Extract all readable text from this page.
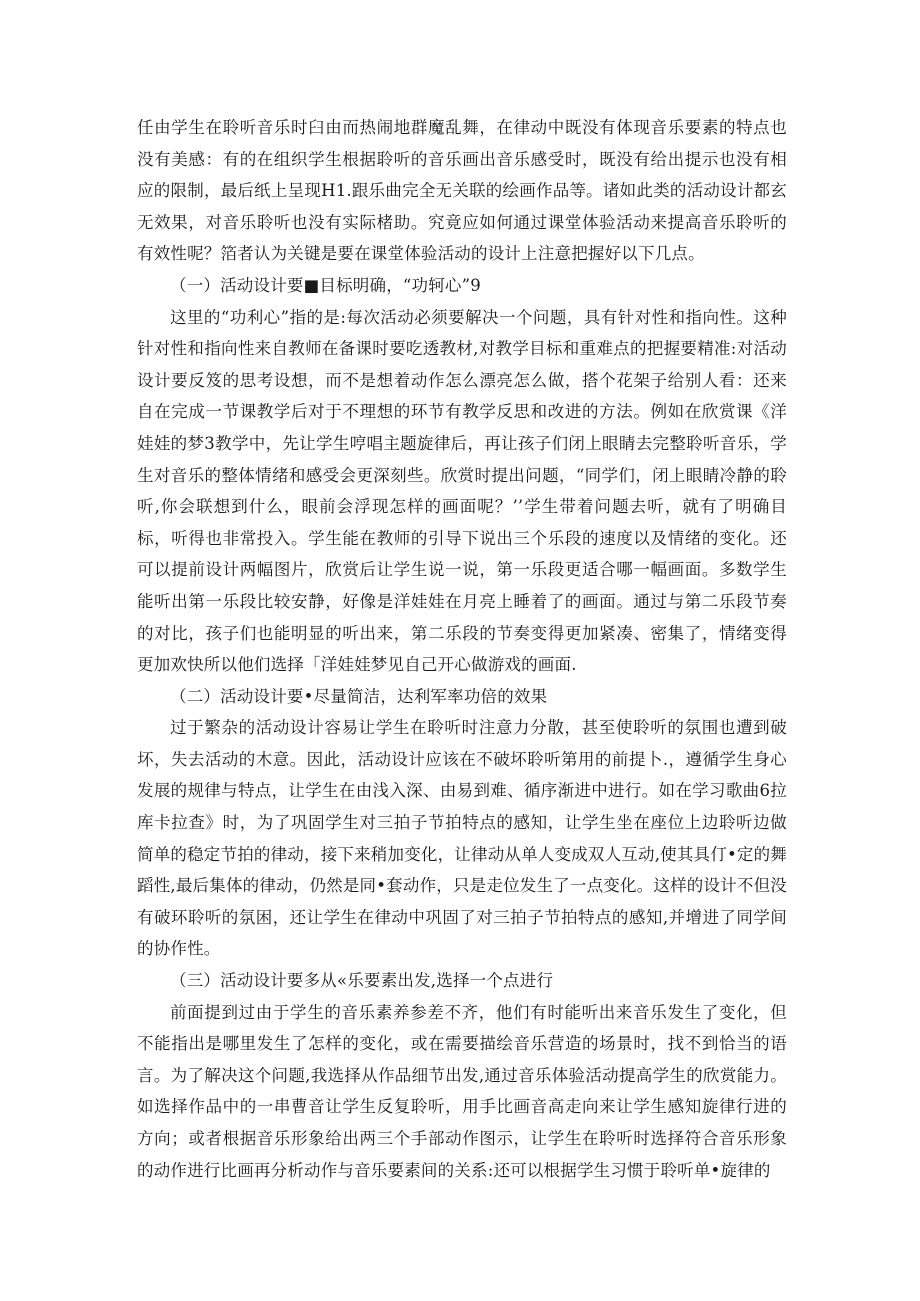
任由学生在聆听音乐时臼由而热闹地群魔乱舞，在律动中既没有体现音乐要素的特点也没有美感：有的在组织学生根据聆听的音乐画出音乐感受时，既没有给出提示也没有相应的限制，最后纸上呈现H1.跟乐曲完全无关联的绘画作品等。诸如此类的活动设计都玄无效果，对音乐聆听也没有实际楮助。究竟应如何通过课堂体验活动来提高音乐聆听的有效性呢？箔者认为关键是要在课堂体验活动的设计上注意把握好以下几点。

（一）活动设计要■目标明确，“功轲心”9

这里的“功利心”指的是:每次活动必须要解决一个问题，具有针对性和指向性。这种针对性和指向性来自教师在备课时要吃透教材,对教学目标和重难点的把握要精准:对活动设计要反笈的思考设想，而不是想着动作怎么漂亮怎么做，搭个花架子给别人看：还来自在完成一节课教学后对于不理想的环节有教学反思和改进的方法。例如在欣赏课《洋娃娃的梦3教学中，先让学生哼唱主题旋律后，再让孩子们闭上眼睛去完整聆听音乐，学生对音乐的整体情绪和感受会更深刻些。欣赏时提出问题，“同学们，闭上眼睛冷静的聆听,你会联想到什么，眼前会浮现怎样的画面呢？’’学生带着问题去听，就有了明确目标，听得也非常投入。学生能在教师的引导下说出三个乐段的速度以及情绪的变化。还可以提前设计两幅图片，欣赏后让学生说一说，第一乐段更适合哪一幅画面。多数学生能听出第一乐段比较安静，好像是洋娃娃在月亮上睡着了的画面。通过与第二乐段节奏的对比，孩子们也能明显的听出来，第二乐段的节奏变得更加紧凑、密集了，情绪变得更加欢快所以他们选择「洋娃娃梦见自己开心做游戏的画面.

（二）活动设计要•尽量简洁，达利军率功倍的效果

过于繁杂的活动设计容易让学生在聆听时注意力分散，甚至使聆听的氛围也遭到破坏，失去活动的木意。因此，活动设计应该在不破坏聆听第用的前提卜.，遵循学生身心发展的规律与特点，让学生在由浅入深、由易到难、循序渐进中进行。如在学习歌曲6拉库卡拉查》时，为了巩固学生对三拍子节拍特点的感知，让学生坐在座位上边聆听边做简单的稳定节拍的律动，接下来稍加变化，让律动从单人变成双人互动,使其具仃•定的舞蹈性,最后集体的律动，仍然是同•套动作，只是走位发生了一点变化。这样的设计不但没有破环聆听的氛困，还让学生在律动中巩固了对三拍子节拍特点的感知,并增进了同学间的协作性。

（三）活动设计要多从«乐要素出发,选择一个点进行

前面提到过由于学生的音乐素养参差不齐，他们有时能听出来音乐发生了变化，但不能指出是哪里发生了怎样的变化，或在需要描绘音乐营造的场景时，找不到恰当的语言。为了解决这个问题,我选择从作品细节出发,通过音乐体验活动提高学生的欣赏能力。如选择作品中的一串曹音让学生反复聆听，用手比画音高走向来让学生感知旋律行进的方向；或者根据音乐形象给出两三个手部动作图示，让学生在聆听时选择符合音乐形象的动作进行比画再分析动作与音乐要素间的关系:还可以根据学生习惯于聆听单•旋律的
